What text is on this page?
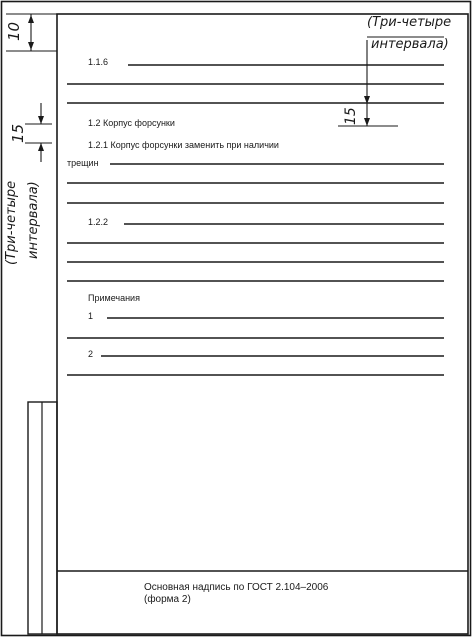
10
15
15
(Три-четыре
интервала)
(Три-четыре интервала)
1.1.6
1.2 Корпус форсунки
1.2.1 Корпус форсунки заменить при наличии
трещин
1.2.2
Примечания
1
2
Основная надпись по ГОСТ 2.104–2006
(форма 2)
